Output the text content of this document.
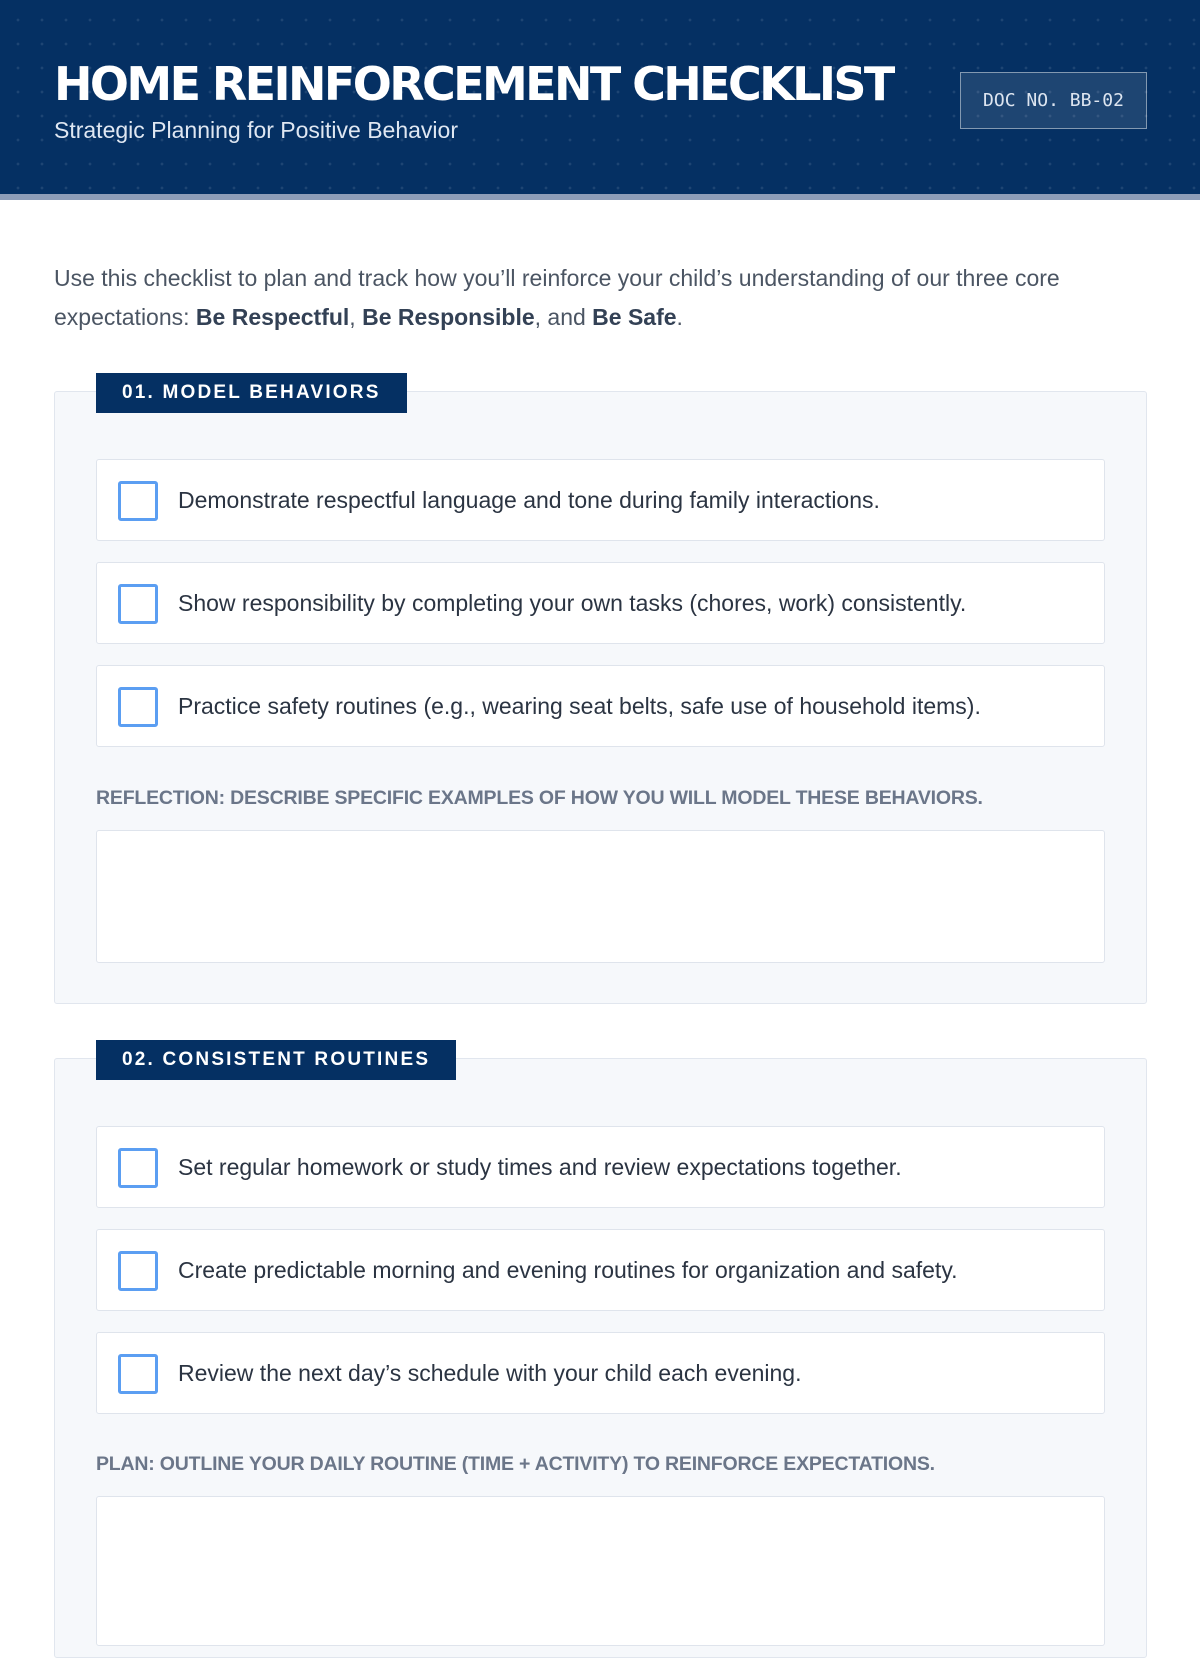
HOME REINFORCEMENT CHECKLIST
Strategic Planning for Positive Behavior
DOC NO. BB-02

Use this checklist to plan and track how you’ll reinforce your child’s understanding of our three core expectations: Be Respectful, Be Responsible, and Be Safe.

01. MODEL BEHAVIORS
Demonstrate respectful language and tone during family interactions.
Show responsibility by completing your own tasks (chores, work) consistently.
Practice safety routines (e.g., wearing seat belts, safe use of household items).
REFLECTION: DESCRIBE SPECIFIC EXAMPLES OF HOW YOU WILL MODEL THESE BEHAVIORS.
02. CONSISTENT ROUTINES
Set regular homework or study times and review expectations together.
Create predictable morning and evening routines for organization and safety.
Review the next day’s schedule with your child each evening.
PLAN: OUTLINE YOUR DAILY ROUTINE (TIME + ACTIVITY) TO REINFORCE EXPECTATIONS.
